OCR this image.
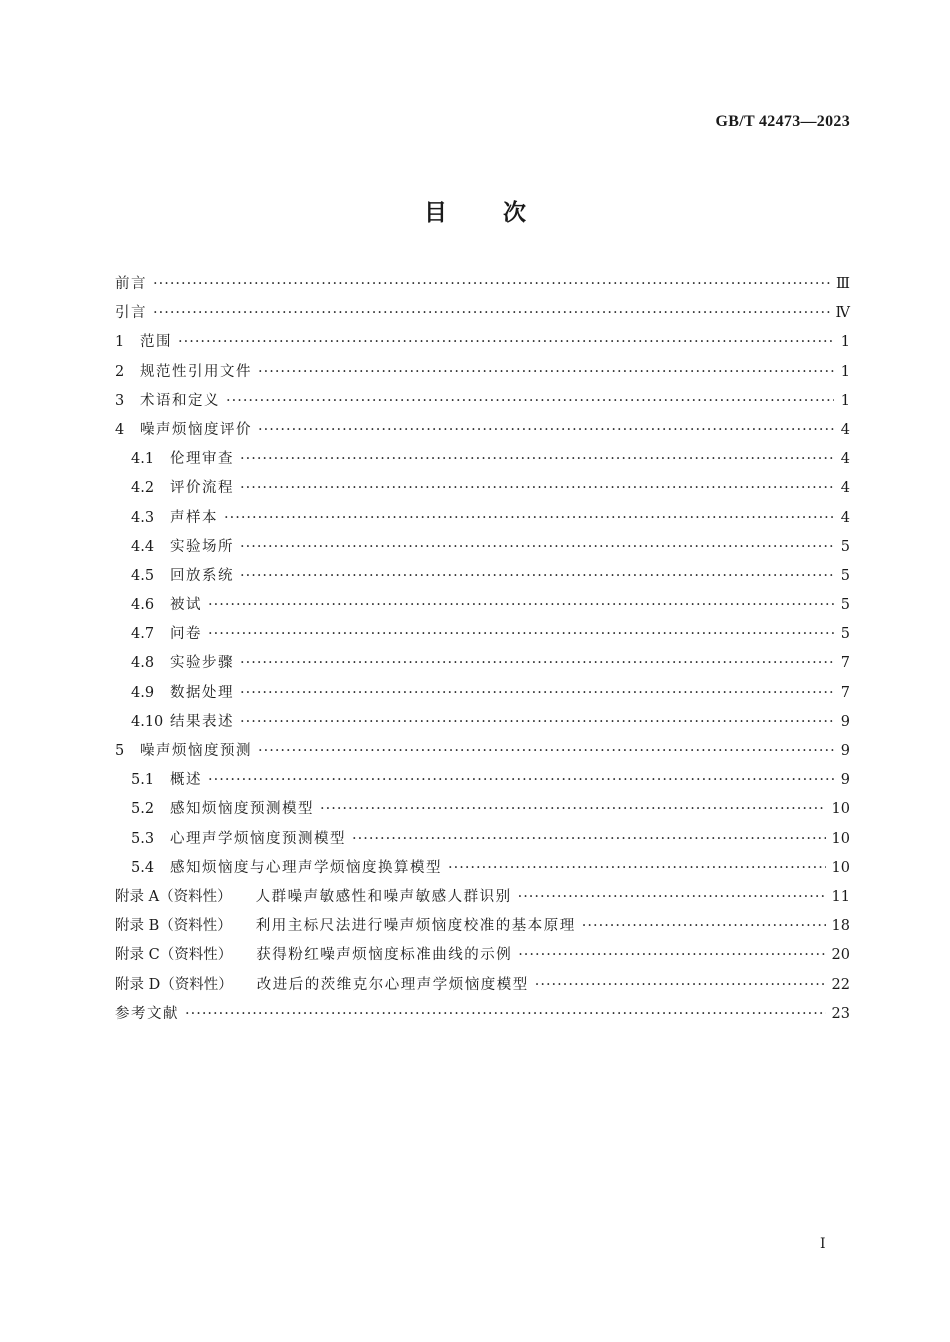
GB/T 42473—2023
目 次
前言 ·····	Ⅲ
引言 ·····	Ⅳ
1	范围 ·····	1
2	规范性引用文件 ·····	1
3	术语和定义 ·····	1
4	噪声烦恼度评价 ·····	4
4.1	伦理审查 ·····	4
4.2	评价流程 ·····	4
4.3	声样本 ·····	4
4.4	实验场所 ·····	5
4.5	回放系统 ·····	5
4.6	被试 ·····	5
4.7	问卷 ·····	5
4.8	实验步骤 ·····	7
4.9	数据处理 ·····	7
4.10 结果表述 ·····	9
5	噪声烦恼度预测 ·····	9
5.1	概述 ·····	9
5.2	感知烦恼度预测模型 ·····	10
5.3	心理声学烦恼度预测模型 ·····	10
5.4	感知烦恼度与心理声学烦恼度换算模型 ·····	10
附录 A（资料性） 人群噪声敏感性和噪声敏感人群识别 ·····	11
附录 B（资料性） 利用主标尺法进行噪声烦恼度校准的基本原理 ·····	18
附录 C（资料性） 获得粉红噪声烦恼度标准曲线的示例 ·····	20
附录 D（资料性） 改进后的茨维克尔心理声学烦恼度模型 ·····	22
参考文献 ·····	23
Ⅰ
